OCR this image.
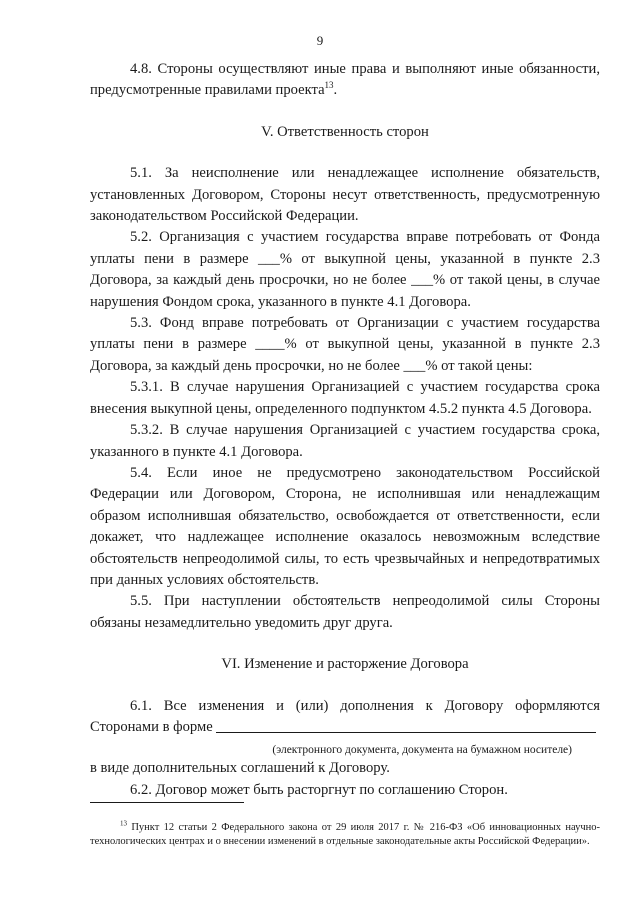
9

4.8. Стороны осуществляют иные права и выполняют иные обязанности, предусмотренные правилами проекта$^{13}$.

V. Ответственность сторон

5.1. За неисполнение или ненадлежащее исполнение обязательств, установленных Договором, Стороны несут ответственность, предусмотренную законодательством Российской Федерации.

5.2. Организация с участием государства вправе потребовать от Фонда уплаты пени в размере ___% от выкупной цены, указанной в пункте 2.3 Договора, за каждый день просрочки, но не более ___% от такой цены, в случае нарушения Фондом срока, указанного в пункте 4.1 Договора.

5.3. Фонд вправе потребовать от Организации с участием государства уплаты пени в размере ____% от выкупной цены, указанной в пункте 2.3 Договора, за каждый день просрочки, но не более ___% от такой цены:

5.3.1. В случае нарушения Организацией с участием государства срока внесения выкупной цены, определенного подпунктом 4.5.2 пункта 4.5 Договора.

5.3.2. В случае нарушения Организацией с участием государства срока, указанного в пункте 4.1 Договора.

5.4. Если иное не предусмотрено законодательством Российской Федерации или Договором, Сторона, не исполнившая или ненадлежащим образом исполнившая обязательство, освобождается от ответственности, если докажет, что надлежащее исполнение оказалось невозможным вследствие обстоятельств непреодолимой силы, то есть чрезвычайных и непредотвратимых при данных условиях обстоятельств.

5.5. При наступлении обстоятельств непреодолимой силы Стороны обязаны незамедлительно уведомить друг друга.

VI. Изменение и расторжение Договора

6.1. Все изменения и (или) дополнения к Договору оформляются Сторонами в форме

(электронного документа, документа на бумажном носителе)

в виде дополнительных соглашений к Договору.

6.2. Договор может быть расторгнут по соглашению Сторон.

$^{13}$ Пункт 12 статьи 2 Федерального закона от 29 июля 2017 г. № 216-ФЗ «Об инновационных научно-технологических центрах и о внесении изменений в отдельные законодательные акты Российской Федерации».
